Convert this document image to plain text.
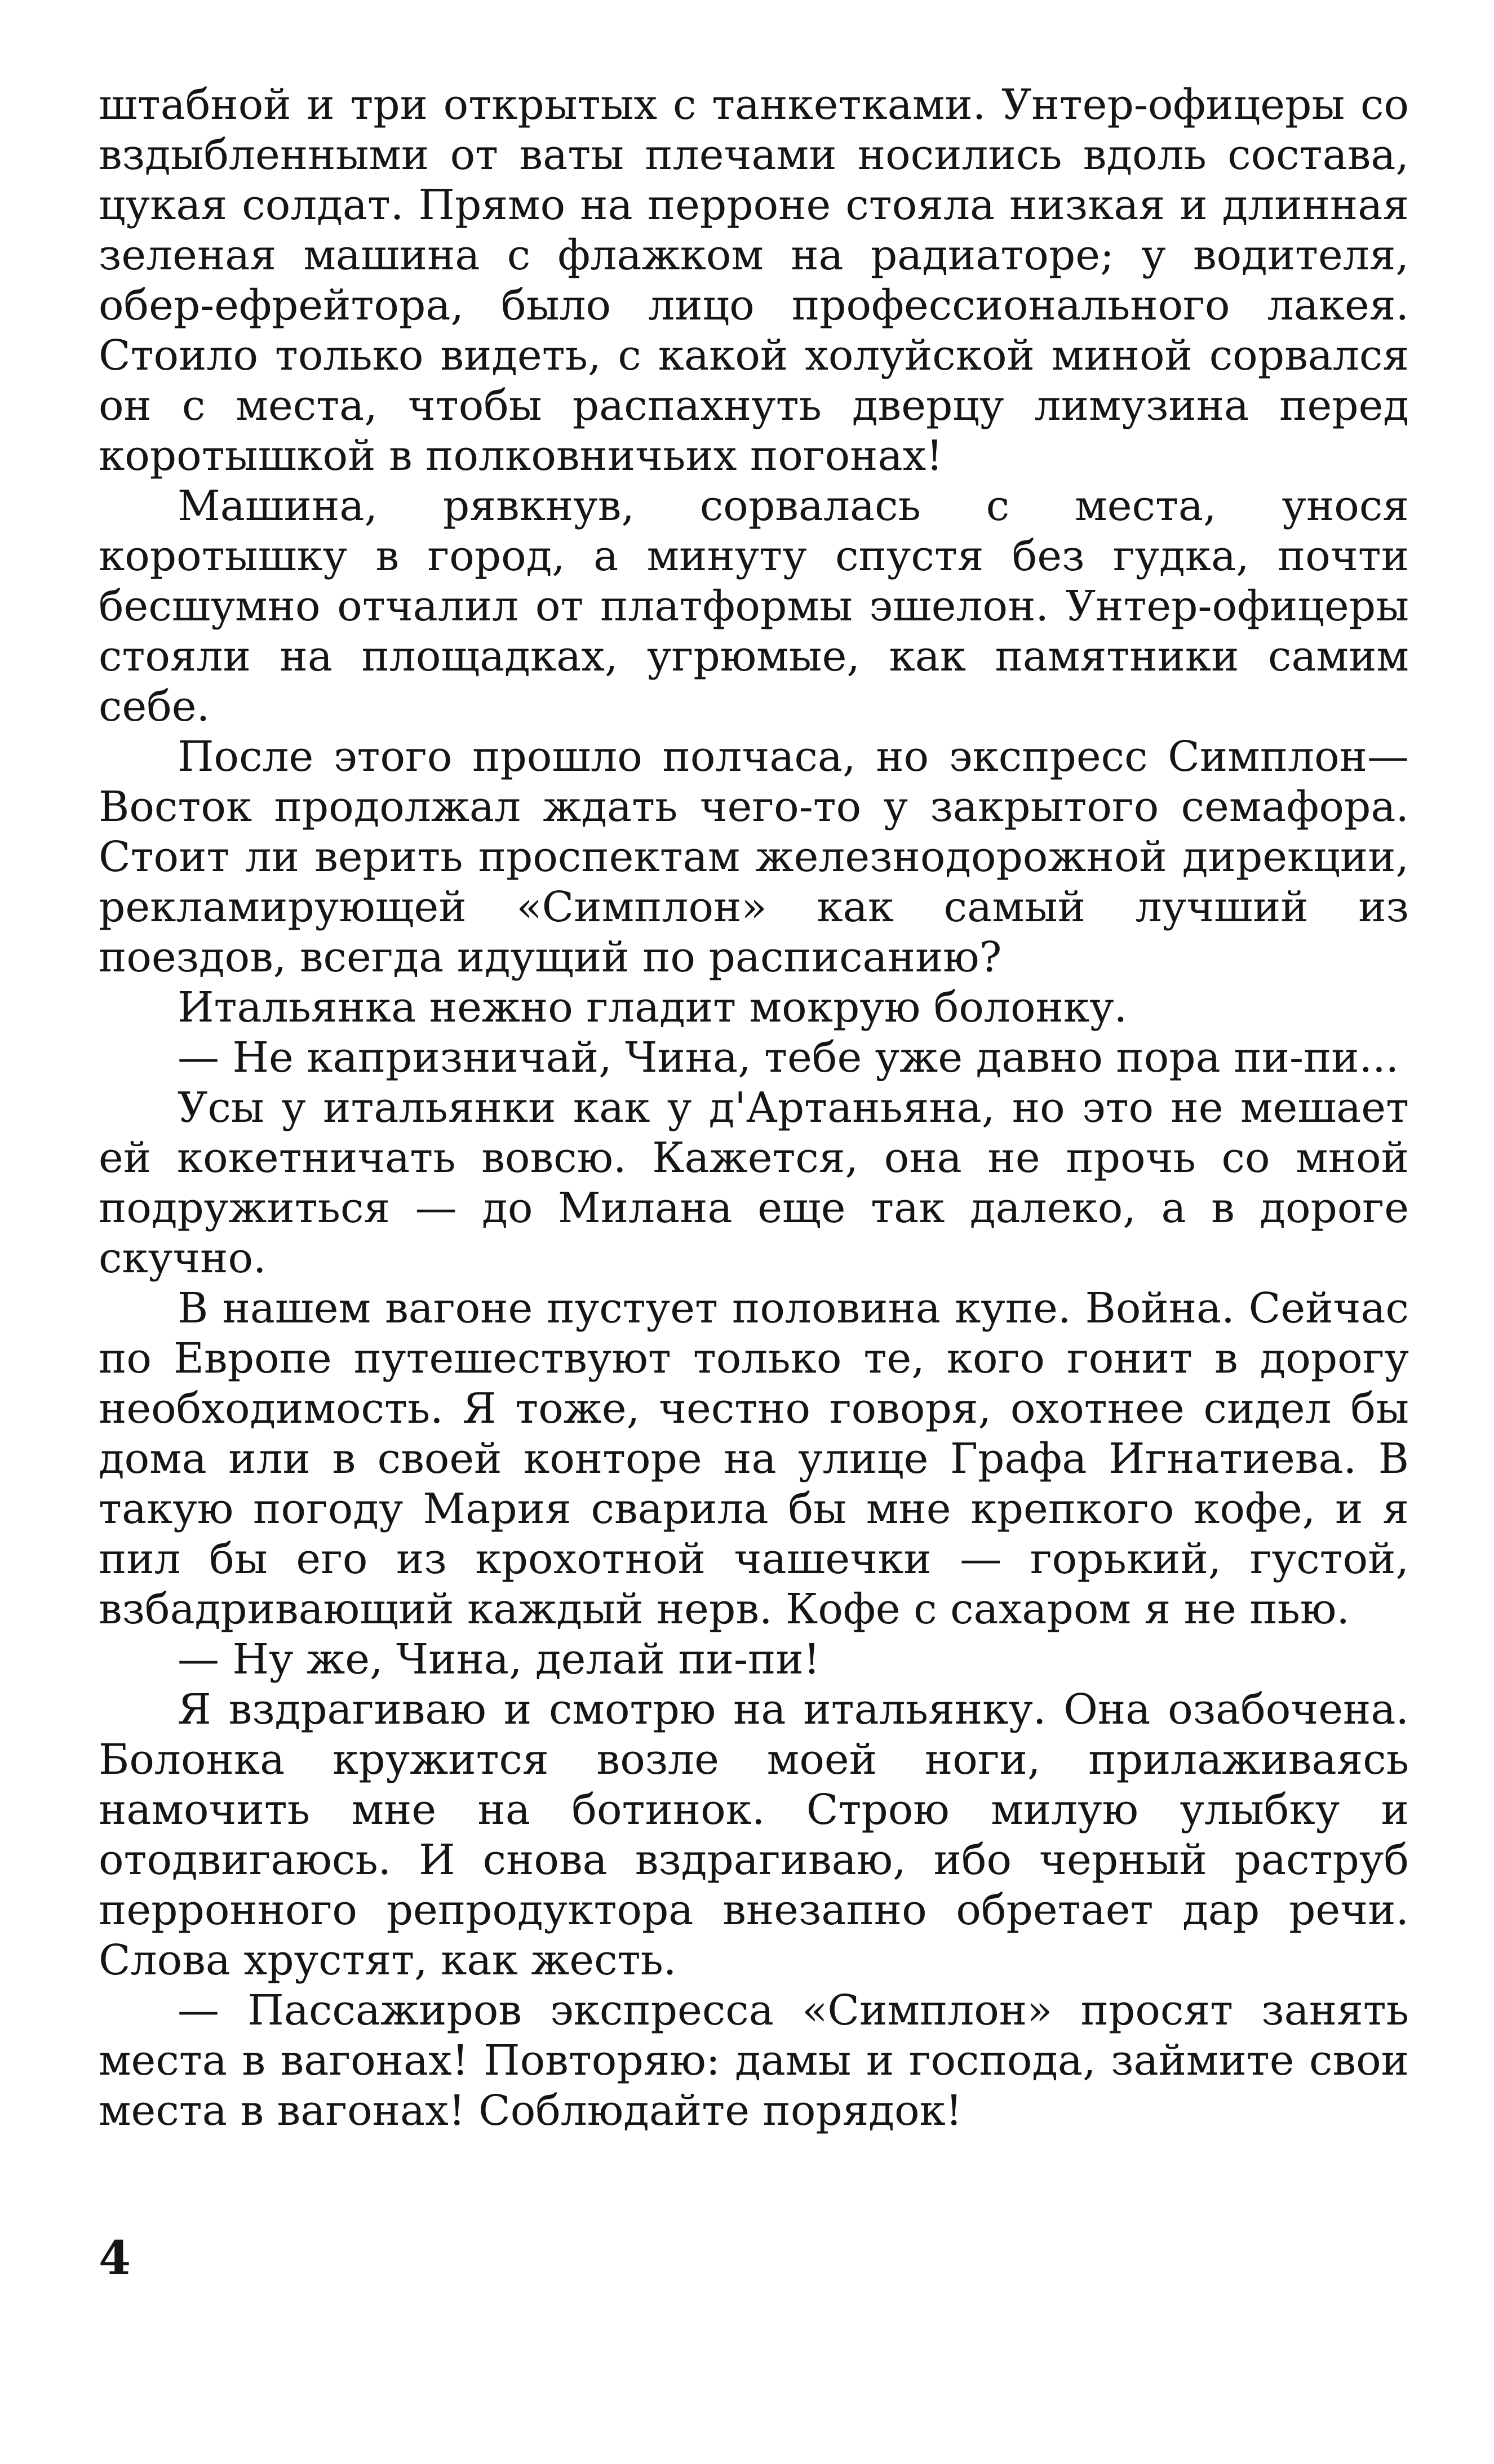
штабной и три открытых с танкетками. Унтер-офицеры со вздыбленными от ваты плечами носились вдоль состава, цукая солдат. Прямо на перроне стояла низкая и длинная зеленая машина с флажком на радиаторе; у водителя, обер-ефрейтора, было лицо профессионального лакея. Стоило только видеть, с какой холуйской миной сорвался он с места, чтобы распахнуть дверцу лимузина перед коротышкой в полковничьих погонах!

Машина, рявкнув, сорвалась с места, унося коротышку в город, а минуту спустя без гудка, почти бесшумно отчалил от платформы эшелон. Унтер-офицеры стояли на площадках, угрюмые, как памятники самим себе.

После этого прошло полчаса, но экспресс Симплон—Восток продолжал ждать чего-то у закрытого семафора. Стоит ли верить проспектам железнодорожной дирекции, рекламирующей «Симплон» как самый лучший из поездов, всегда идущий по расписанию?

Итальянка нежно гладит мокрую болонку.

— Не капризничай, Чина, тебе уже давно пора пи-пи...

Усы у итальянки как у д'Артаньяна, но это не мешает ей кокетничать вовсю. Кажется, она не прочь со мной подружиться — до Милана еще так далеко, а в дороге скучно.

В нашем вагоне пустует половина купе. Война. Сейчас по Европе путешествуют только те, кого гонит в дорогу необходимость. Я тоже, честно говоря, охотнее сидел бы дома или в своей конторе на улице Графа Игнатиева. В такую погоду Мария сварила бы мне крепкого кофе, и я пил бы его из крохотной чашечки — горький, густой, взбадривающий каждый нерв. Кофе с сахаром я не пью.

— Ну же, Чина, делай пи-пи!

Я вздрагиваю и смотрю на итальянку. Она озабочена. Болонка кружится возле моей ноги, прилаживаясь намочить мне на ботинок. Строю милую улыбку и отодвигаюсь. И снова вздрагиваю, ибо черный раструб перронного репродуктора внезапно обретает дар речи. Слова хрустят, как жесть.

— Пассажиров экспресса «Симплон» просят занять места в вагонах! Повторяю: дамы и господа, займите свои места в вагонах! Соблюдайте порядок!

4
